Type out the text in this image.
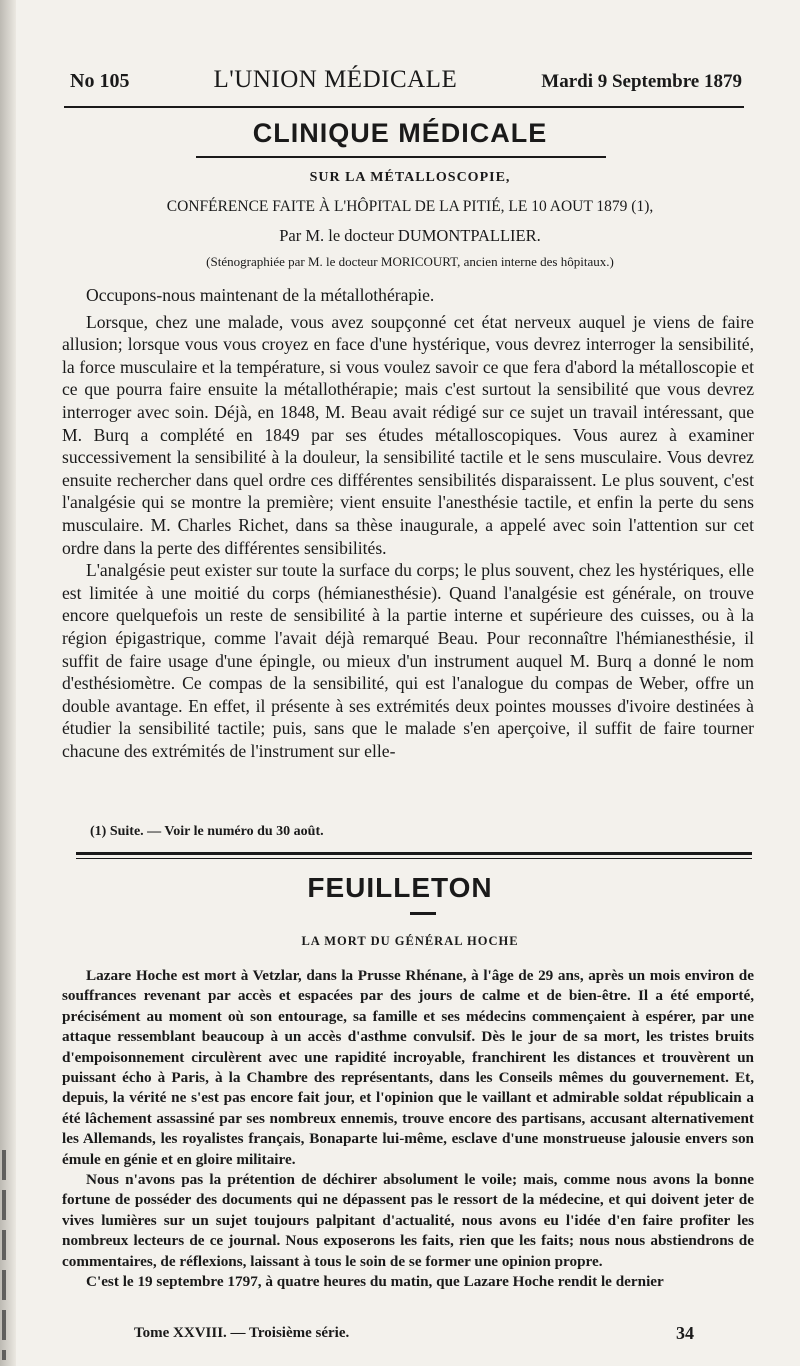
No 105	L'UNION MÉDICALE	Mardi 9 Septembre 1879
CLINIQUE MÉDICALE
SUR LA MÉTALLOSCOPIE,
CONFÉRENCE FAITE À L'HÔPITAL DE LA PITIÉ, LE 10 AOUT 1879 (1),
Par M. le docteur DUMONTPALLIER.
(Sténographiée par M. le docteur MORICOURT, ancien interne des hôpitaux.)

Occupons-nous maintenant de la métallothérapie.

Lorsque, chez une malade, vous avez soupçonné cet état nerveux auquel je viens de faire allusion; lorsque vous vous croyez en face d'une hystérique, vous devrez interroger la sensibilité, la force musculaire et la température, si vous voulez savoir ce que fera d'abord la métalloscopie et ce que pourra faire ensuite la métallothérapie; mais c'est surtout la sensibilité que vous devrez interroger avec soin. Déjà, en 1848, M. Beau avait rédigé sur ce sujet un travail intéressant, que M. Burq a complété en 1849 par ses études métalloscopiques. Vous aurez à examiner successivement la sensibilité à la douleur, la sensibilité tactile et le sens musculaire. Vous devrez ensuite rechercher dans quel ordre ces différentes sensibilités disparaissent. Le plus souvent, c'est l'analgésie qui se montre la première; vient ensuite l'anesthésie tactile, et enfin la perte du sens musculaire. M. Charles Richet, dans sa thèse inaugurale, a appelé avec soin l'attention sur cet ordre dans la perte des différentes sensibilités.

L'analgésie peut exister sur toute la surface du corps; le plus souvent, chez les hystériques, elle est limitée à une moitié du corps (hémianesthésie). Quand l'analgésie est générale, on trouve encore quelquefois un reste de sensibilité à la partie interne et supérieure des cuisses, ou à la région épigastrique, comme l'avait déjà remarqué Beau. Pour reconnaître l'hémianesthésie, il suffit de faire usage d'une épingle, ou mieux d'un instrument auquel M. Burq a donné le nom d'esthésiomètre. Ce compas de la sensibilité, qui est l'analogue du compas de Weber, offre un double avantage. En effet, il présente à ses extrémités deux pointes mousses d'ivoire destinées à étudier la sensibilité tactile; puis, sans que le malade s'en aperçoive, il suffit de faire tourner chacune des extrémités de l'instrument sur elle-

(1) Suite. — Voir le numéro du 30 août.
FEUILLETON
LA MORT DU GÉNÉRAL HOCHE

Lazare Hoche est mort à Vetzlar, dans la Prusse Rhénane, à l'âge de 29 ans, après un mois environ de souffrances revenant par accès et espacées par des jours de calme et de bien-être. Il a été emporté, précisément au moment où son entourage, sa famille et ses médecins commençaient à espérer, par une attaque ressemblant beaucoup à un accès d'asthme convulsif. Dès le jour de sa mort, les tristes bruits d'empoisonnement circulèrent avec une rapidité incroyable, franchirent les distances et trouvèrent un puissant écho à Paris, à la Chambre des représentants, dans les Conseils mêmes du gouvernement. Et, depuis, la vérité ne s'est pas encore fait jour, et l'opinion que le vaillant et admirable soldat républicain a été lâchement assassiné par ses nombreux ennemis, trouve encore des partisans, accusant alternativement les Allemands, les royalistes français, Bonaparte lui-même, esclave d'une monstrueuse jalousie envers son émule en génie et en gloire militaire.

Nous n'avons pas la prétention de déchirer absolument le voile; mais, comme nous avons la bonne fortune de posséder des documents qui ne dépassent pas le ressort de la médecine, et qui doivent jeter de vives lumières sur un sujet toujours palpitant d'actualité, nous avons eu l'idée d'en faire profiter les nombreux lecteurs de ce journal. Nous exposerons les faits, rien que les faits; nous nous abstiendrons de commentaires, de réflexions, laissant à tous le soin de se former une opinion propre.

C'est le 19 septembre 1797, à quatre heures du matin, que Lazare Hoche rendit le dernier

Tome XXVIII. — Troisième série.	34
